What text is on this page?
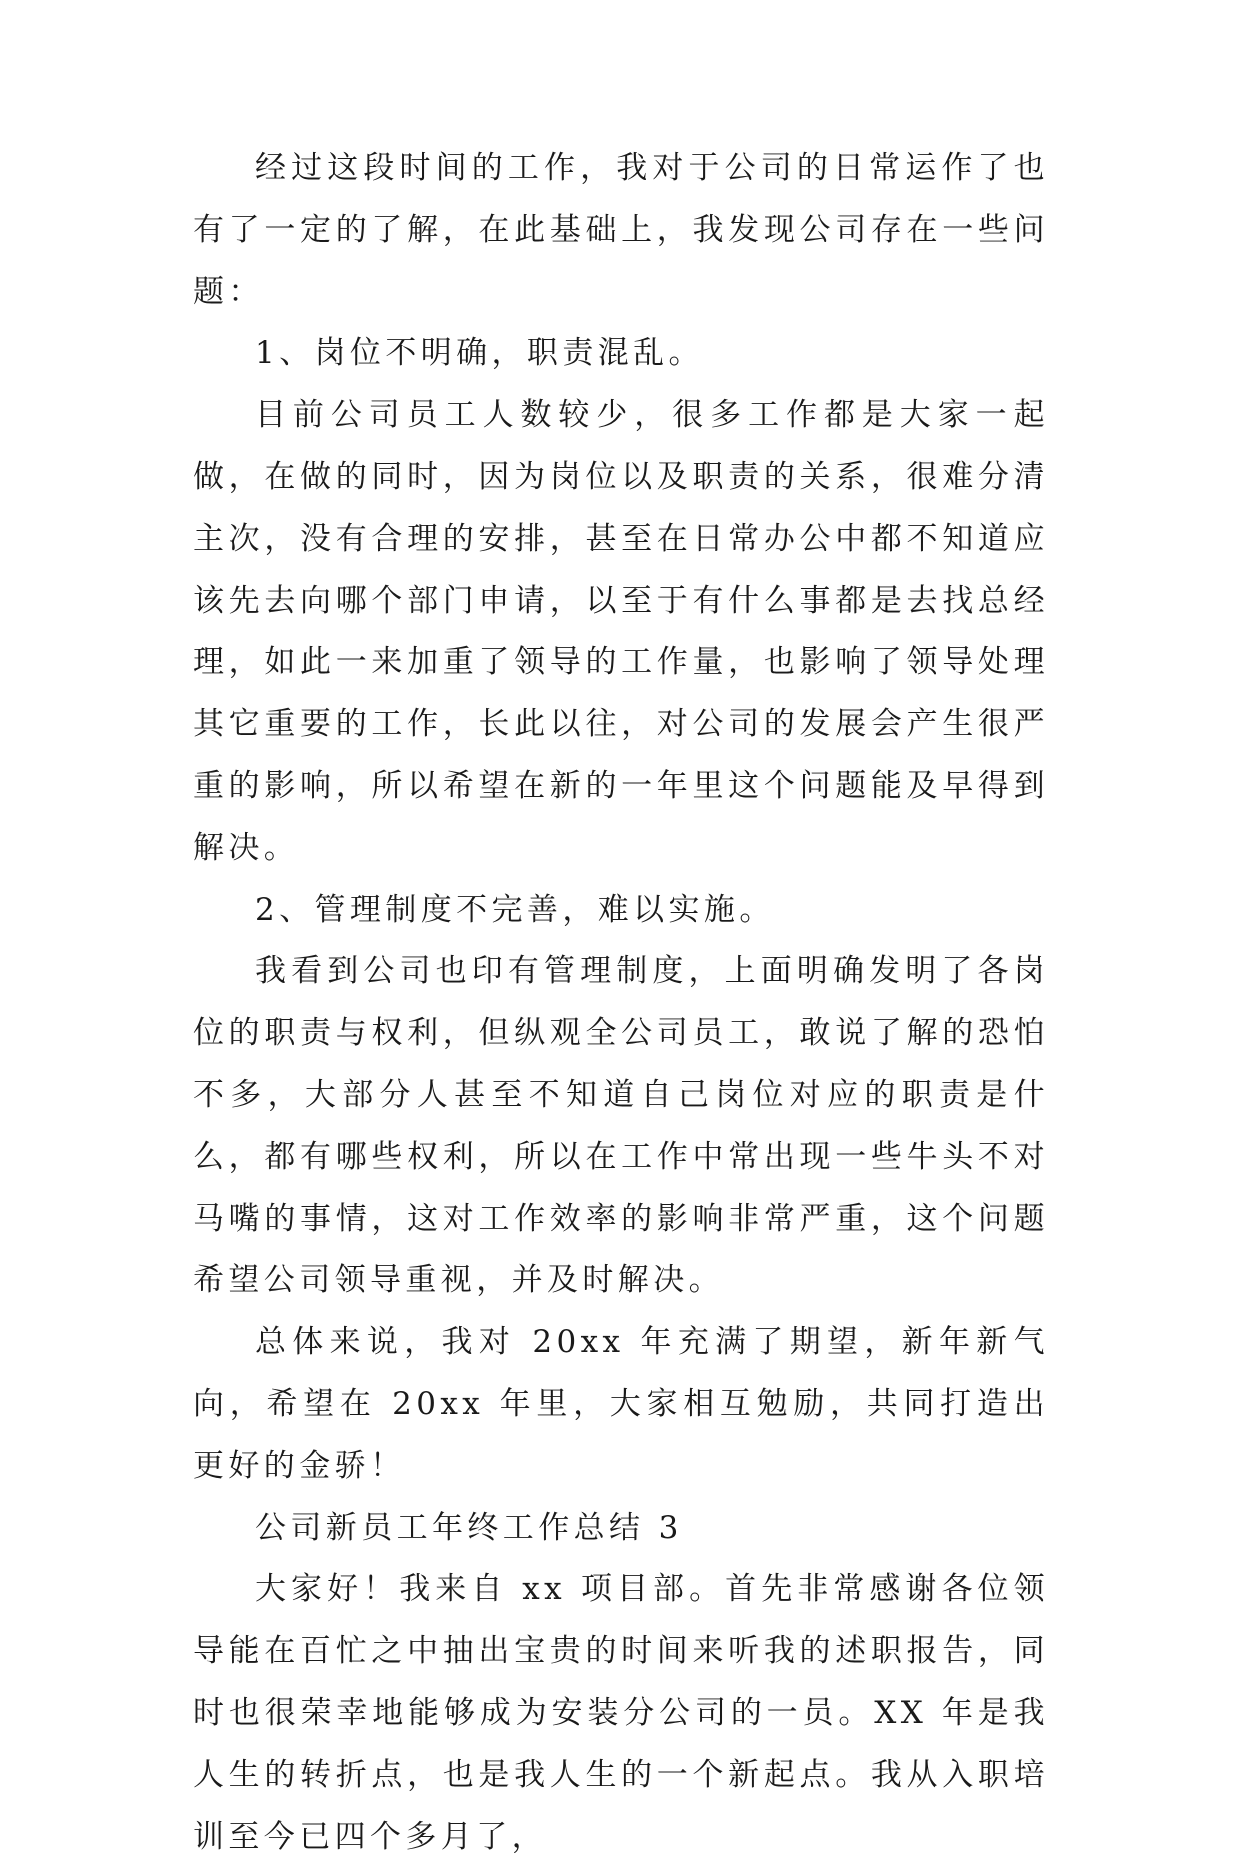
经过这段时间的工作，我对于公司的日常运作了也有了一定的了解，在此基础上，我发现公司存在一些问题：

1、岗位不明确，职责混乱。

目前公司员工人数较少，很多工作都是大家一起做，在做的同时，因为岗位以及职责的关系，很难分清主次，没有合理的安排，甚至在日常办公中都不知道应该先去向哪个部门申请，以至于有什么事都是去找总经理，如此一来加重了领导的工作量，也影响了领导处理其它重要的工作，长此以往，对公司的发展会产生很严重的影响，所以希望在新的一年里这个问题能及早得到解决。

2、管理制度不完善，难以实施。

我看到公司也印有管理制度，上面明确发明了各岗位的职责与权利，但纵观全公司员工，敢说了解的恐怕不多，大部分人甚至不知道自己岗位对应的职责是什么，都有哪些权利，所以在工作中常出现一些牛头不对马嘴的事情，这对工作效率的影响非常严重，这个问题希望公司领导重视，并及时解决。

总体来说，我对 20xx 年充满了期望，新年新气向，希望在 20xx 年里，大家相互勉励，共同打造出更好的金骄！

公司新员工年终工作总结 3

大家好！我来自 xx 项目部。首先非常感谢各位领导能在百忙之中抽出宝贵的时间来听我的述职报告，同时也很荣幸地能够成为安装分公司的一员。XX 年是我人生的转折点，也是我人生的一个新起点。我从入职培训至今已四个多月了，
